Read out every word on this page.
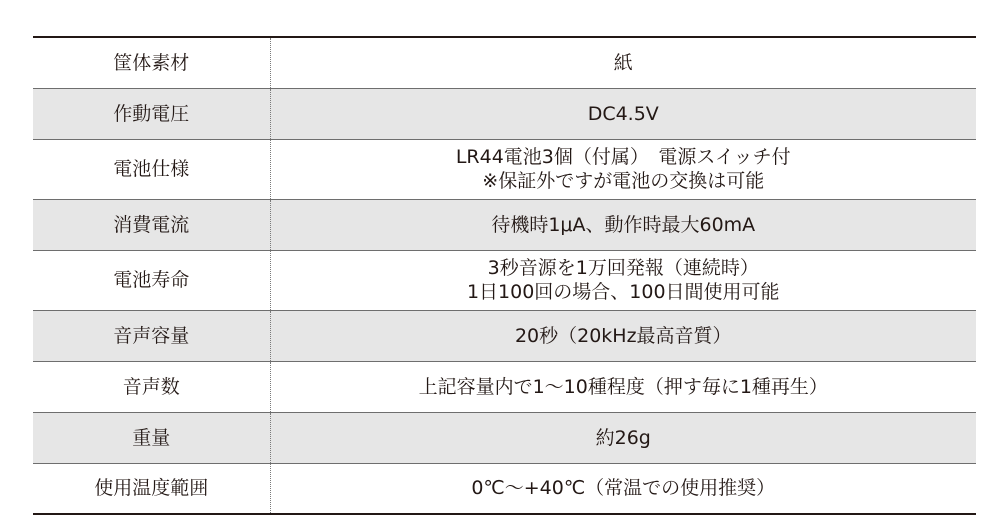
筐体素材	紙

作動電圧	DC4.5V

電池仕様	LR44電池3個（付属）　電源スイッチ付
※保証外ですが電池の交換は可能

消費電流	待機時1μA、動作時最大60mA

電池寿命	3秒音源を1万回発報（連続時）
1日100回の場合、100日間使用可能

音声容量	20秒（20kHz最高音質）

音声数	上記容量内で1～10種程度（押す毎に1種再生）

重量	約26g

使用温度範囲	0℃～+40℃（常温での使用推奨）
